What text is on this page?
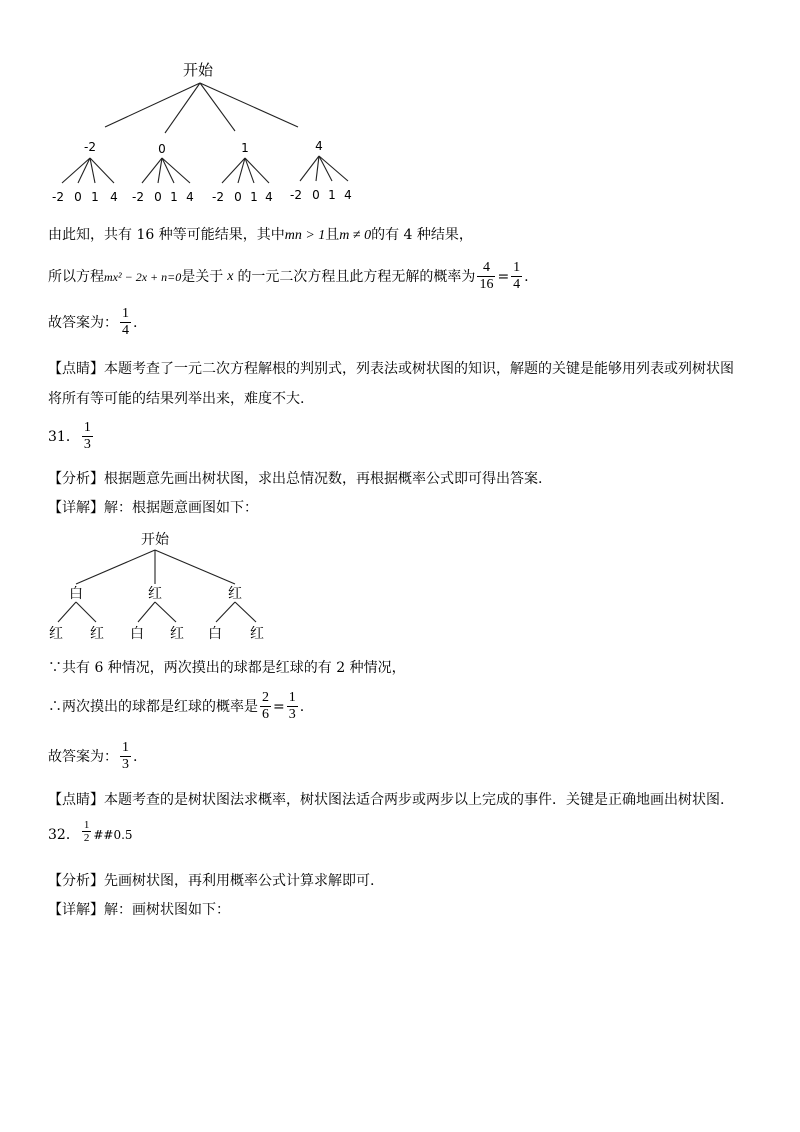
开始
-2	0	1	4
-2 0 1 4 -2 0 1 4 -2 0 1 4 -2 0 1 4
由此知，共有 16 种等可能结果，其中mn > 1且m ≠ 0的有 4 种结果，
所以方程 mx² − 2x + n=0 是关于 x 的一元二次方程且此方程无解的概率为 $\frac{4}{16} = \frac{1}{4}$ .
故答案为： $\frac{1}{4}$ .
【点睛】本题考查了一元二次方程解根的判别式，列表法或树状图的知识，解题的关键是能够用列表或列树状图
将所有等可能的结果列举出来，难度不大.
31． $\frac{1}{3}$
【分析】根据题意先画出树状图，求出总情况数，再根据概率公式即可得出答案.
【详解】解：根据题意画图如下：
开始
白	红	红
红 红 白 红 白 红
∵共有 6 种情况，两次摸出的球都是红球的有 2 种情况，
∴两次摸出的球都是红球的概率是 $\frac{2}{6} = \frac{1}{3}$ .
故答案为： $\frac{1}{3}$ .
【点睛】本题考查的是树状图法求概率，树状图法适合两步或两步以上完成的事件．关键是正确地画出树状图.
32． $\frac{1}{2}$ ##0.5
【分析】先画树状图，再利用概率公式计算求解即可.
【详解】解：画树状图如下：
